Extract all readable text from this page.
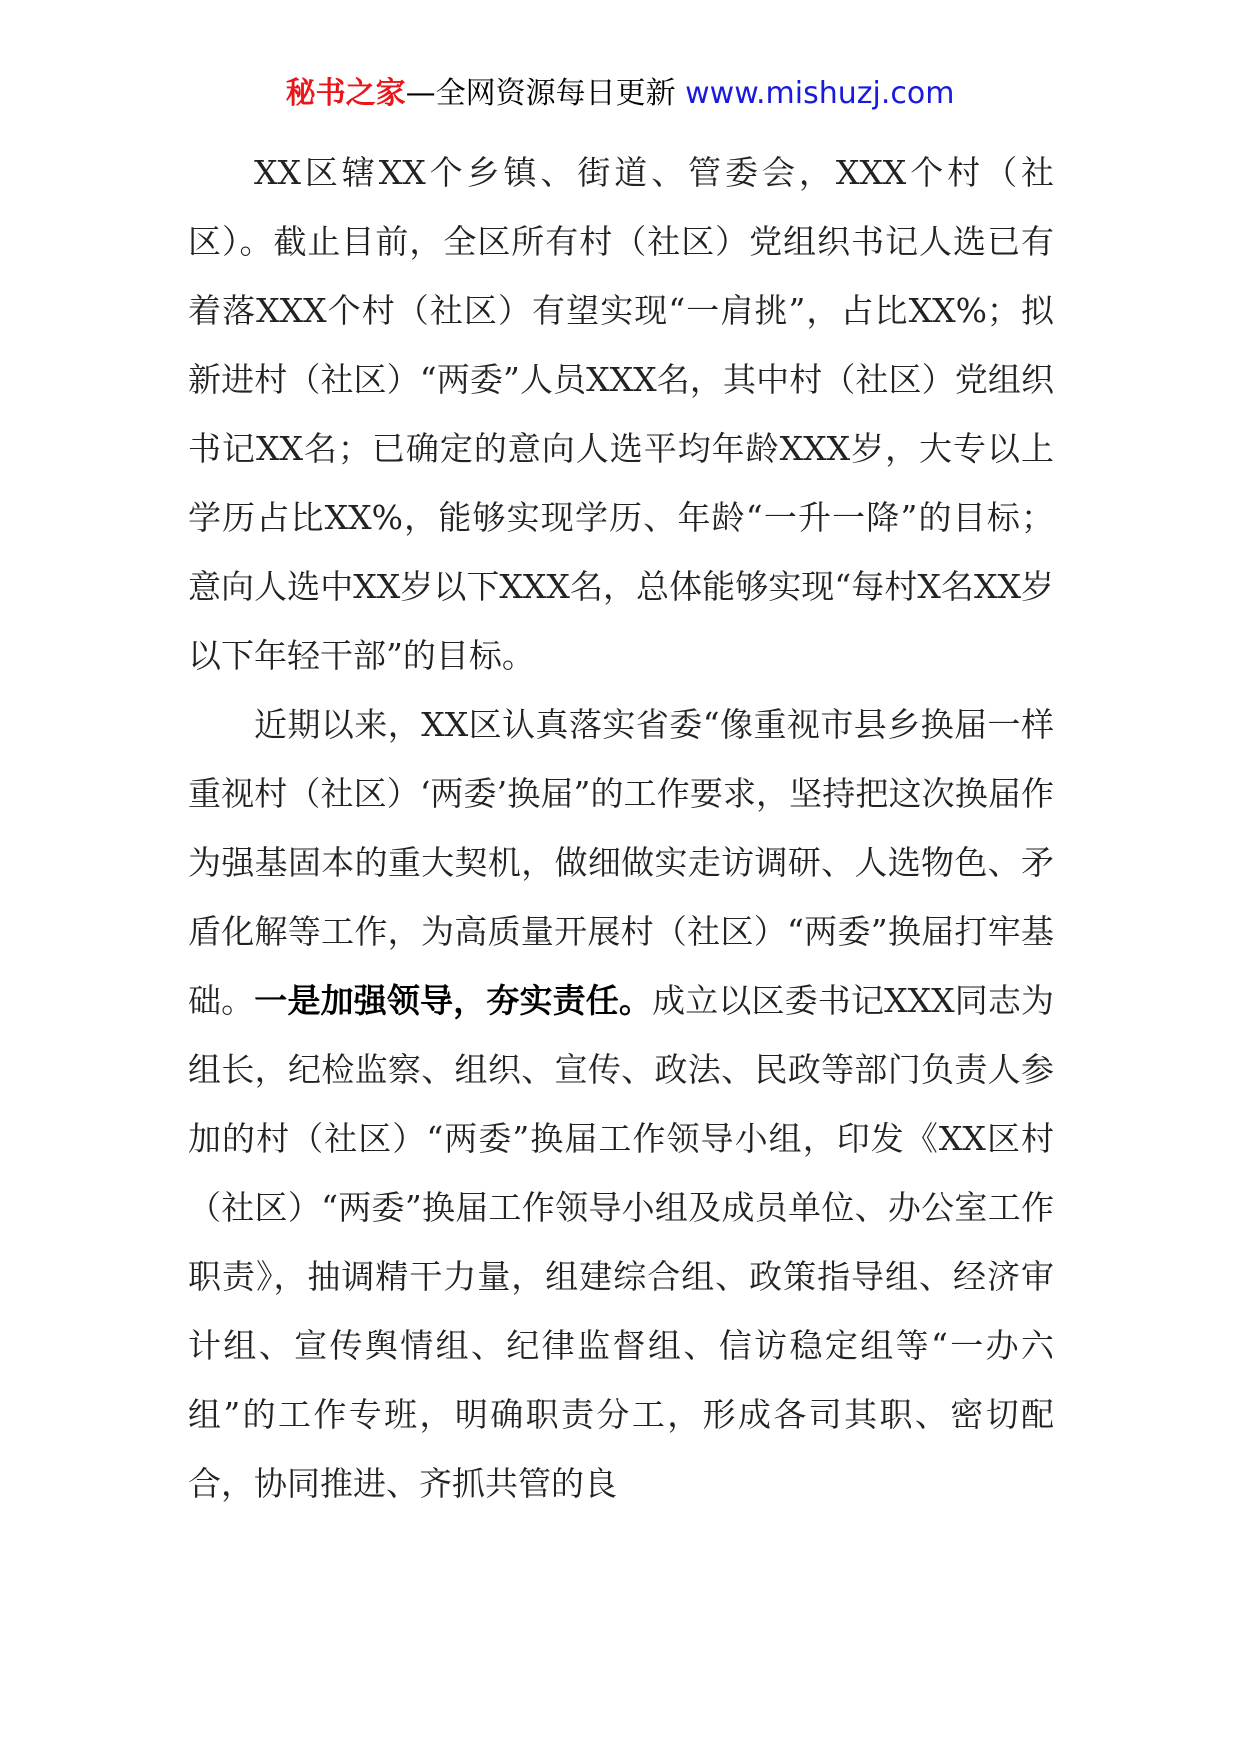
秘书之家—全网资源每日更新 www.mishuzj.com

XX区辖XX个乡镇、街道、管委会，XXX个村（社区）。截止目前，全区所有村（社区）党组织书记人选已有着落XXX个村（社区）有望实现“一肩挑”，占比XX%；拟新进村（社区）“两委”人员XXX名，其中村（社区）党组织书记XX名；已确定的意向人选平均年龄XXX岁，大专以上学历占比XX%，能够实现学历、年龄“一升一降”的目标；意向人选中XX岁以下XXX名，总体能够实现“每村X名XX岁以下年轻干部”的目标。

近期以来，XX区认真落实省委“像重视市县乡换届一样重视村（社区）‘两委’换届”的工作要求，坚持把这次换届作为强基固本的重大契机，做细做实走访调研、人选物色、矛盾化解等工作，为高质量开展村（社区）“两委”换届打牢基础。一是加强领导，夯实责任。成立以区委书记XXX同志为组长，纪检监察、组织、宣传、政法、民政等部门负责人参加的村（社区）“两委”换届工作领导小组，印发《XX区村（社区）“两委”换届工作领导小组及成员单位、办公室工作职责》，抽调精干力量，组建综合组、政策指导组、经济审计组、宣传舆情组、纪律监督组、信访稳定组等“一办六组”的工作专班，明确职责分工，形成各司其职、密切配合，协同推进、齐抓共管的良
